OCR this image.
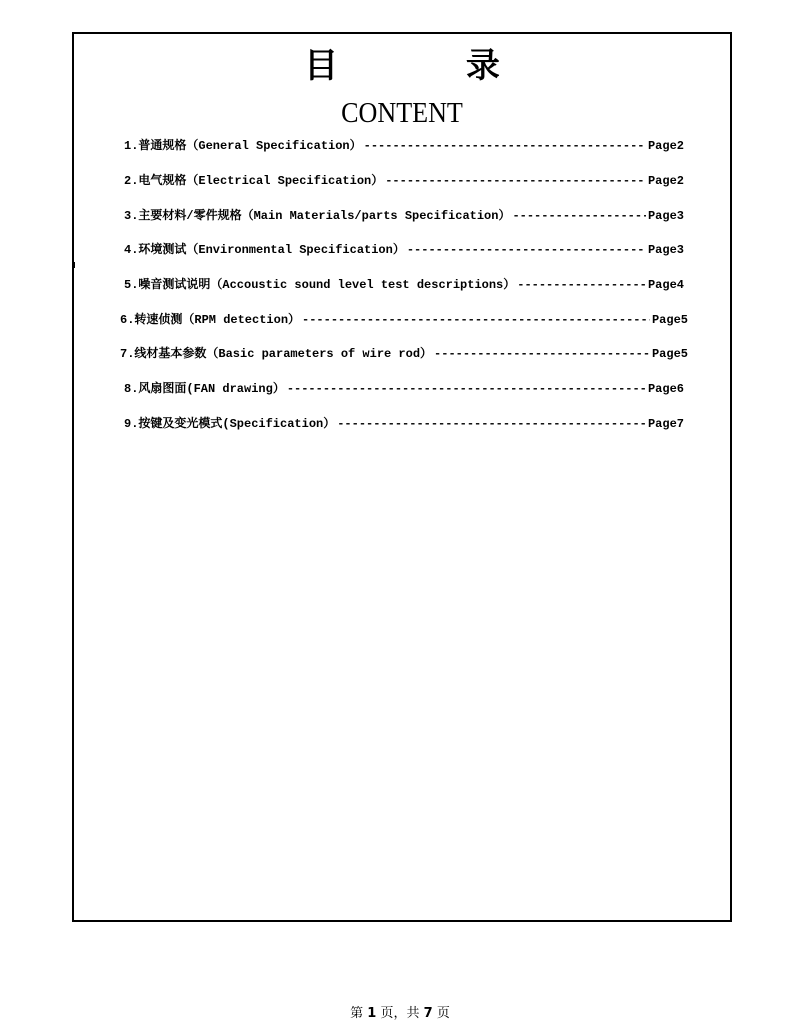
目 录
CONTENT
1.普通规格（General Specification） -----	Page2
2.电气规格（Electrical Specification） -----	Page2
3.主要材料/零件规格（Main Materials/parts Specification） -----	Page3
4.环境测试（Environmental Specification） -----	Page3
5.噪音测试说明（Accoustic sound level test descriptions） -----	Page4
6.转速侦测（RPM detection） -----	Page5
7.线材基本参数（Basic parameters of wire rod） -----	Page5
8.风扇图面(FAN drawing） -----	Page6
9.按键及变光模式(Specification） -----	Page7
第 1 页，共 7 页
